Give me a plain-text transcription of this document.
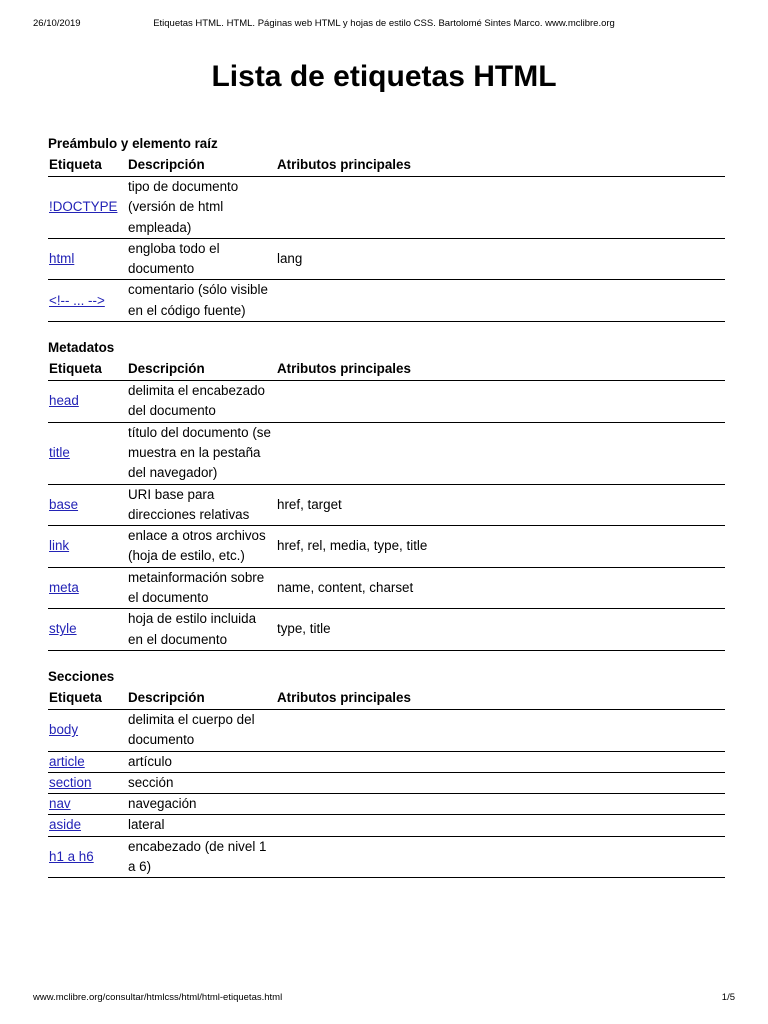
26/10/2019	Etiquetas HTML. HTML. Páginas web HTML y hojas de estilo CSS. Bartolomé Sintes Marco. www.mclibre.org
Lista de etiquetas HTML
Preámbulo y elemento raíz
Etiqueta	Descripción	Atributos principales
!DOCTYPE	tipo de documento (versión de html empleada)	
html	engloba todo el documento	lang
<!-- ... -->	comentario (sólo visible en el código fuente)	
Metadatos
Etiqueta	Descripción	Atributos principales
head	delimita el encabezado del documento	
title	título del documento (se muestra en la pestaña del navegador)	
base	URI base para direcciones relativas	href, target
link	enlace a otros archivos (hoja de estilo, etc.)	href, rel, media, type, title
meta	metainformación sobre el documento	name, content, charset
style	hoja de estilo incluida en el documento	type, title
Secciones
Etiqueta	Descripción	Atributos principales
body	delimita el cuerpo del documento	
article	artículo	
section	sección	
nav	navegación	
aside	lateral	
h1 a h6	encabezado (de nivel 1 a 6)	
www.mclibre.org/consultar/htmlcss/html/html-etiquetas.html	1/5
